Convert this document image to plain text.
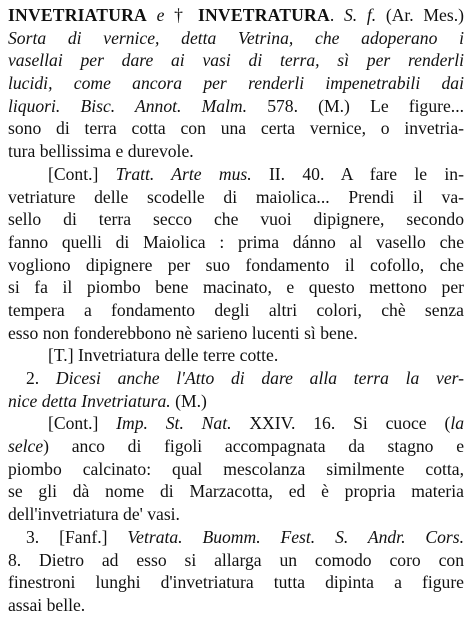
INVETRIATURA e † INVETRATURA. S. f. (Ar. Mes.)
Sorta di vernice, detta Vetrina, che adoperano i
vasellai per dare ai vasi di terra, sì per renderli
lucidi, come ancora per renderli impenetrabili dai
liquori. Bisc. Annot. Malm. 578. (M.) Le figure...
sono di terra cotta con una certa vernice, o invetria-
tura bellissima e durevole.
[Cont.] Tratt. Arte mus. II. 40. A fare le in-
vetriature delle scodelle di maiolica... Prendi il va-
sello di terra secco che vuoi dipignere, secondo
fanno quelli di Maiolica : prima dánno al vasello che
vogliono dipignere per suo fondamento il cofollo, che
si fa il piombo bene macinato, e questo mettono per
tempera a fondamento degli altri colori, chè senza
esso non fonderebbono nè sarieno lucenti sì bene.
[T.] Invetriatura delle terre cotte.
2. Dicesi anche l'Atto di dare alla terra la ver-
nice detta Invetriatura. (M.)
[Cont.] Imp. St. Nat. XXIV. 16. Si cuoce (la
selce) anco di figoli accompagnata da stagno e
piombo calcinato: qual mescolanza similmente cotta,
se gli dà nome di Marzacotta, ed è propria materia
dell'invetriatura de' vasi.
3. [Fanf.] Vetrata. Buomm. Fest. S. Andr. Cors.
8. Dietro ad esso si allarga un comodo coro con
finestroni lunghi d'invetriatura tutta dipinta a figure
assai belle.
